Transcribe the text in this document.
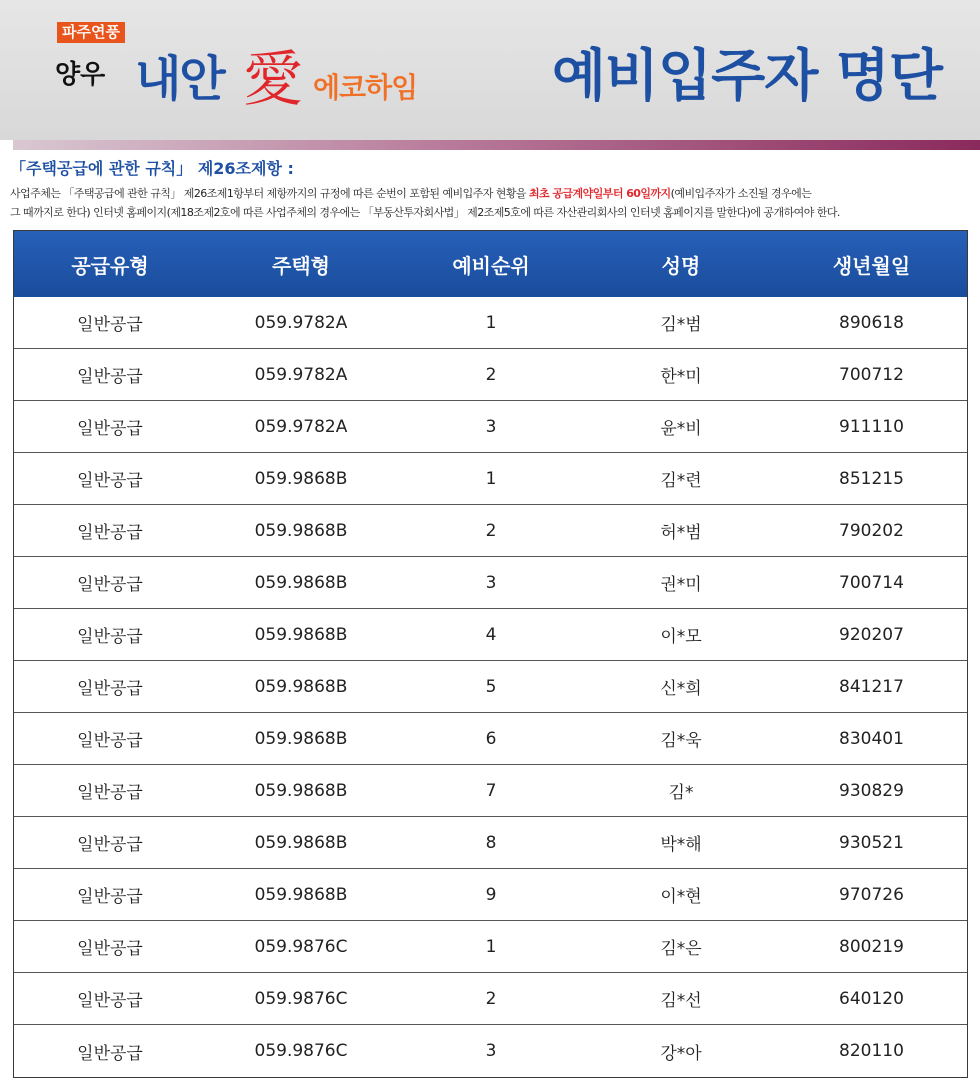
파주연풍
양우 내안 愛 에코하임 예비입주자 명단
「주택공급에 관한 규칙」 제26조제항 :
사업주체는 「주택공급에 관한 규칙」 제26조제1항부터 제항까지의 규정에 따른 순번이 포함된 예비입주자 현황을 최초 공급계약일부터 60일까지(예비입주자가 소진될 경우에는
그 때까지로 한다) 인터넷 홈페이지(제18조제2호에 따른 사업주체의 경우에는 「부동산투자회사법」 제2조제5호에 따른 자산관리회사의 인터넷 홈페이지를 말한다)에 공개하여야 한다.
공급유형	주택형	예비순위	성명	생년월일
일반공급	059.9782A	1	김*범	890618
일반공급	059.9782A	2	한*미	700712
일반공급	059.9782A	3	윤*비	911110
일반공급	059.9868B	1	김*련	851215
일반공급	059.9868B	2	허*범	790202
일반공급	059.9868B	3	권*미	700714
일반공급	059.9868B	4	이*모	920207
일반공급	059.9868B	5	신*희	841217
일반공급	059.9868B	6	김*욱	830401
일반공급	059.9868B	7	김*	930829
일반공급	059.9868B	8	박*해	930521
일반공급	059.9868B	9	이*현	970726
일반공급	059.9876C	1	김*은	800219
일반공급	059.9876C	2	김*선	640120
일반공급	059.9876C	3	강*아	820110
